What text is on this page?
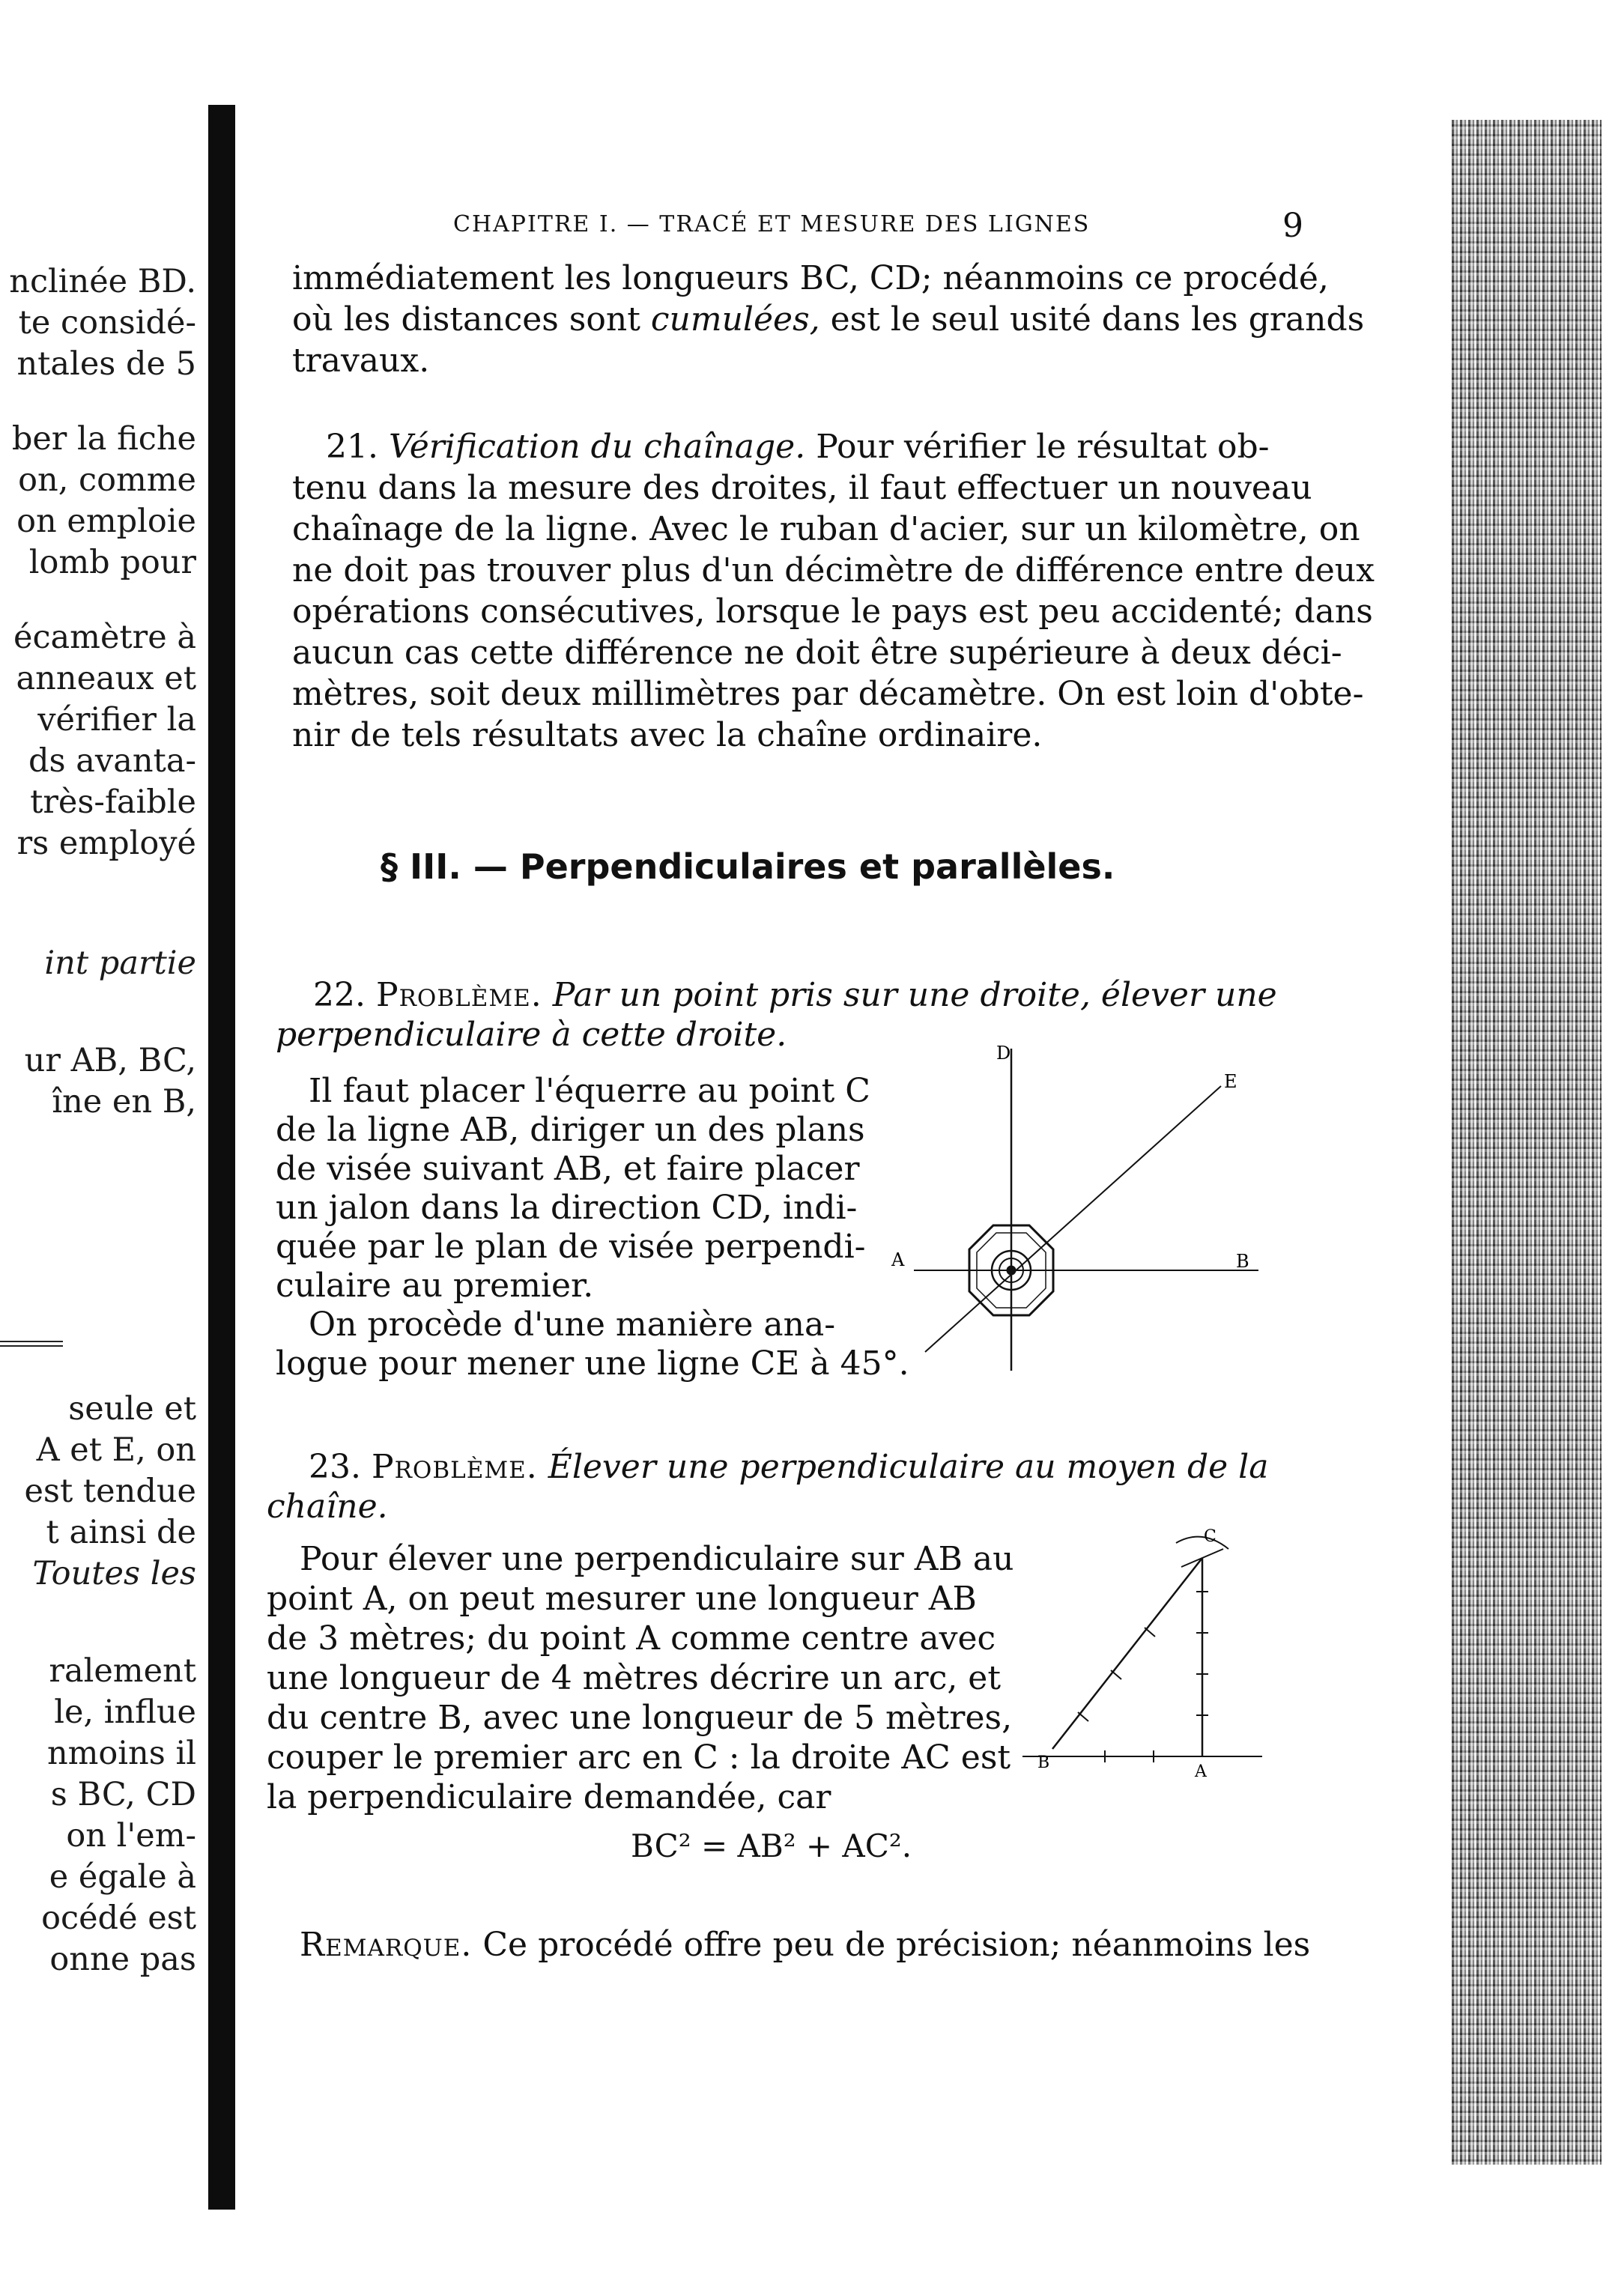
nclinée BD.
te considé-
ntales de 5
ber la fiche
on, comme
on emploie
lomb pour
écamètre à
anneaux et
vérifier la
ds avanta-
très-faible
rs employé
int partie
ur AB, BC,
îne en B,
seule et
A et E, on
est tendue
t ainsi de
Toutes les
ralement
le, influe
nmoins il
s BC, CD
on l'em-
e égale à
océdé est
onne pas
CHAPITRE I. — TRACÉ ET MESURE DES LIGNES	9
immédiatement les longueurs BC, CD; néanmoins ce procédé,
où les distances sont cumulées, est le seul usité dans les grands
travaux.
21. Vérification du chaînage. Pour vérifier le résultat ob-
tenu dans la mesure des droites, il faut effectuer un nouveau
chaînage de la ligne. Avec le ruban d'acier, sur un kilomètre, on
ne doit pas trouver plus d'un décimètre de différence entre deux
opérations consécutives, lorsque le pays est peu accidenté; dans
aucun cas cette différence ne doit être supérieure à deux déci-
mètres, soit deux millimètres par décamètre. On est loin d'obte-
nir de tels résultats avec la chaîne ordinaire.
§ III. — Perpendiculaires et parallèles.
22. Problème. Par un point pris sur une droite, élever une
perpendiculaire à cette droite.
Il faut placer l'équerre au point C
de la ligne AB, diriger un des plans
de visée suivant AB, et faire placer
un jalon dans la direction CD, indi-
quée par le plan de visée perpendi-
culaire au premier.
On procède d'une manière ana-
logue pour mener une ligne CE à 45°.
D
E
A	B
23. Problème. Élever une perpendiculaire au moyen de la
chaîne.
Pour élever une perpendiculaire sur AB au
point A, on peut mesurer une longueur AB
de 3 mètres; du point A comme centre avec
une longueur de 4 mètres décrire un arc, et
du centre B, avec une longueur de 5 mètres,
couper le premier arc en C : la droite AC est
la perpendiculaire demandée, car
C
B	A
BC² = AB² + AC².
Remarque. Ce procédé offre peu de précision; néanmoins les
